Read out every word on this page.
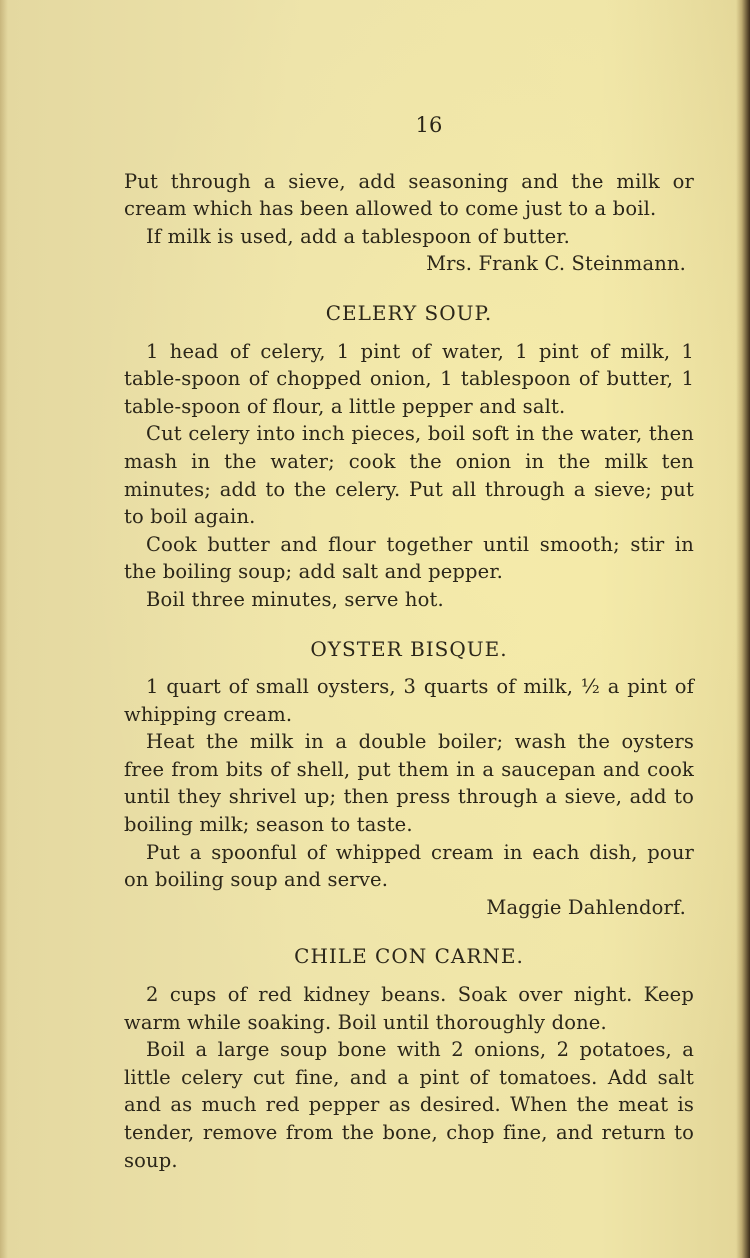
16

Put through a sieve, add seasoning and the milk or cream which has been allowed to come just to a boil.

If milk is used, add a tablespoon of butter.

Mrs. Frank C. Steinmann.

CELERY SOUP.

1 head of celery, 1 pint of water, 1 pint of milk, 1 table-spoon of chopped onion, 1 tablespoon of butter, 1 table-spoon of flour, a little pepper and salt.

Cut celery into inch pieces, boil soft in the water, then mash in the water; cook the onion in the milk ten minutes; add to the celery. Put all through a sieve; put to boil again.

Cook butter and flour together until smooth; stir in the boiling soup; add salt and pepper.

Boil three minutes, serve hot.

OYSTER BISQUE.

1 quart of small oysters, 3 quarts of milk, ½ a pint of whipping cream.

Heat the milk in a double boiler; wash the oysters free from bits of shell, put them in a saucepan and cook until they shrivel up; then press through a sieve, add to boiling milk; season to taste.

Put a spoonful of whipped cream in each dish, pour on boiling soup and serve.

Maggie Dahlendorf.

CHILE CON CARNE.

2 cups of red kidney beans. Soak over night. Keep warm while soaking. Boil until thoroughly done.

Boil a large soup bone with 2 onions, 2 potatoes, a little celery cut fine, and a pint of tomatoes. Add salt and as much red pepper as desired. When the meat is tender, remove from the bone, chop fine, and return to soup.
